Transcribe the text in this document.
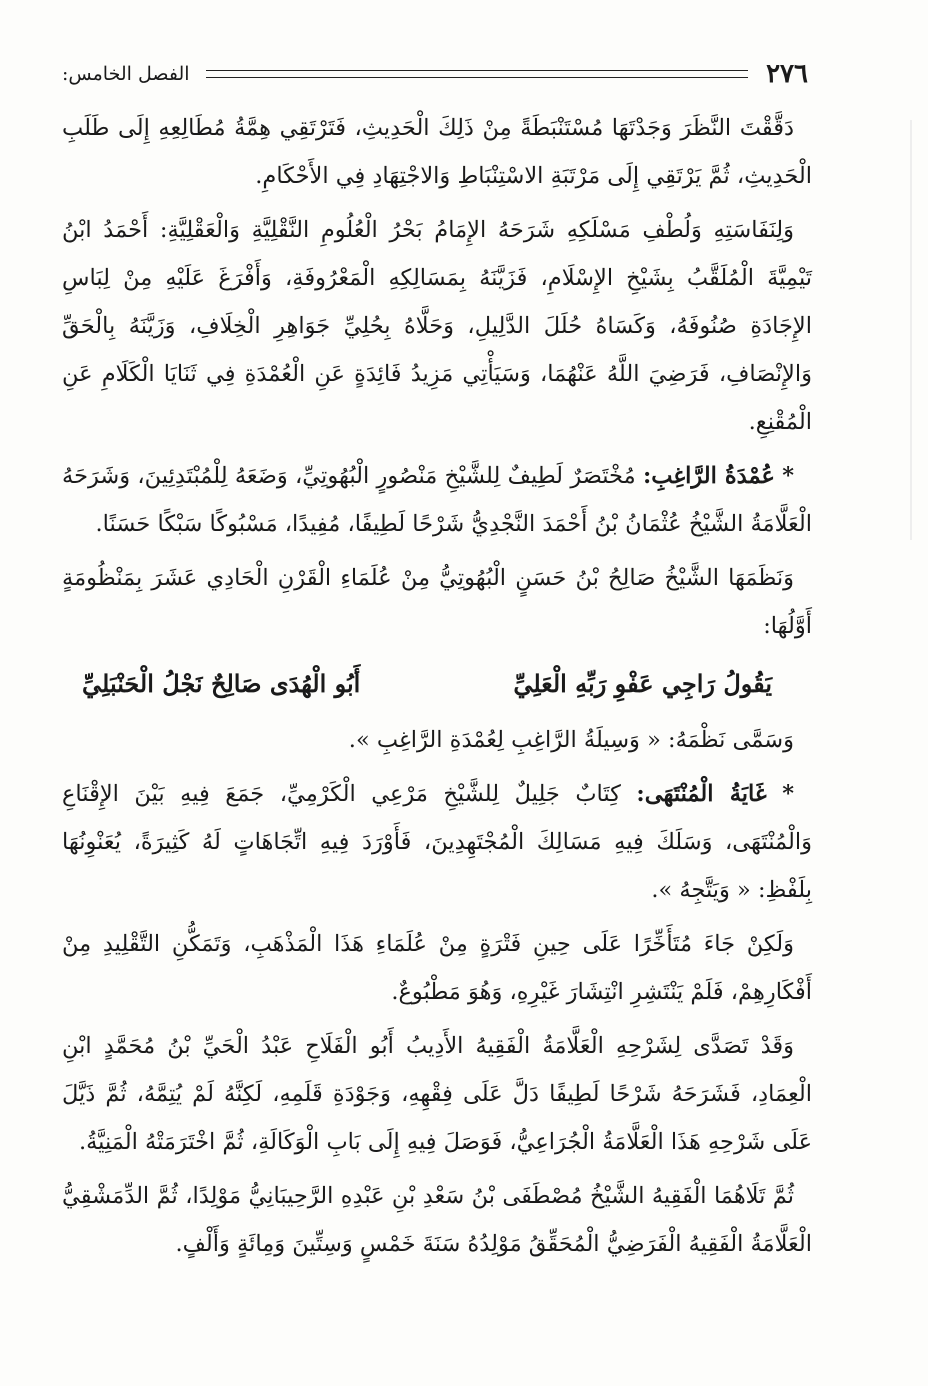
٢٧٦
الفصل الخامس:

دَقَّقْتَ النَّظَرَ وَجَدْتَهَا مُسْتَنْبَطَةً مِنْ ذَلِكَ الْحَدِيثِ، فَتَرْتَقِي هِمَّةُ مُطَالِعِهِ إِلَى طَلَبِ الْحَدِيثِ، ثُمَّ يَرْتَقِي إِلَى مَرْتَبَةِ الاسْتِنْبَاطِ وَالاجْتِهَادِ فِي الأَحْكَامِ.

وَلِنَفَاسَتِهِ وَلُطْفِ مَسْلَكِهِ شَرَحَهُ الإِمَامُ بَحْرُ الْعُلُومِ النَّقْلِيَّةِ وَالْعَقْلِيَّةِ: أَحْمَدُ ابْنُ تَيْمِيَّةَ الْمُلَقَّبُ بِشَيْخِ الإِسْلَامِ، فَزَيَّنَهُ بِمَسَالِكِهِ الْمَعْرُوفَةِ، وَأَفْرَغَ عَلَيْهِ مِنْ لِبَاسِ الإِجَادَةِ صُنُوفَهُ، وَكَسَاهُ حُلَلَ الدَّلِيلِ، وَحَلَّاهُ بِحُلِيِّ جَوَاهِرِ الْخِلَافِ، وَزَيَّنَهُ بِالْحَقِّ وَالإِنْصَافِ، فَرَضِيَ اللَّهُ عَنْهُمَا، وَسَيَأْتِي مَزِيدُ فَائِدَةٍ عَنِ الْعُمْدَةِ فِي ثَنَايَا الْكَلَامِ عَنِ الْمُقْنِعِ.

* عُمْدَةُ الرَّاغِبِ: مُخْتَصَرٌ لَطِيفٌ لِلشَّيْخِ مَنْصُورٍ الْبُهُوتِيِّ، وَضَعَهُ لِلْمُبْتَدِئِينَ، وَشَرَحَهُ الْعَلَّامَةُ الشَّيْخُ عُثْمَانُ بْنُ أَحْمَدَ النَّجْدِيُّ شَرْحًا لَطِيفًا، مُفِيدًا، مَسْبُوكًا سَبْكًا حَسَنًا.

وَنَظَمَهَا الشَّيْخُ صَالِحُ بْنُ حَسَنٍ الْبُهُوتِيُّ مِنْ عُلَمَاءِ الْقَرْنِ الْحَادِي عَشَرَ بِمَنْظُومَةٍ أَوَّلُهَا:

يَقُولُ رَاجِي عَفْوِ رَبِّهِ الْعَلِيِّ
أَبُو الْهُدَى صَالِحٌ نَجْلُ الْحَنْبَلِيِّ

وَسَمَّى نَظْمَهُ: « وَسِيلَةُ الرَّاغِبِ لِعُمْدَةِ الرَّاغِبِ ».

* غَايَةُ الْمُنْتَهَى: كِتَابٌ جَلِيلٌ لِلشَّيْخِ مَرْعِي الْكَرْمِيِّ، جَمَعَ فِيهِ بَيْنَ الإِقْنَاعِ وَالْمُنْتَهَى، وَسَلَكَ فِيهِ مَسَالِكَ الْمُجْتَهِدِينَ، فَأَوْرَدَ فِيهِ اتِّجَاهَاتٍ لَهُ كَثِيرَةً، يُعَنْوِنُهَا بِلَفْظِ: « وَيَتَّجِهُ ».

وَلَكِنْ جَاءَ مُتَأَخِّرًا عَلَى حِينِ فَتْرَةٍ مِنْ عُلَمَاءِ هَذَا الْمَذْهَبِ، وَتَمَكُّنِ التَّقْلِيدِ مِنْ أَفْكَارِهِمْ، فَلَمْ يَنْتَشِرِ انْتِشَارَ غَيْرِهِ، وَهُوَ مَطْبُوعٌ.

وَقَدْ تَصَدَّى لِشَرْحِهِ الْعَلَّامَةُ الْفَقِيهُ الأَدِيبُ أَبُو الْفَلَاحِ عَبْدُ الْحَيِّ بْنُ مُحَمَّدٍ ابْنِ الْعِمَادِ، فَشَرَحَهُ شَرْحًا لَطِيفًا دَلَّ عَلَى فِقْهِهِ، وَجَوْدَةِ قَلَمِهِ، لَكِنَّهُ لَمْ يُتِمَّهُ، ثُمَّ ذَيَّلَ عَلَى شَرْحِهِ هَذَا الْعَلَّامَةُ الْجُرَاعِيُّ، فَوَصَلَ فِيهِ إِلَى بَابِ الْوَكَالَةِ، ثُمَّ اخْتَرَمَتْهُ الْمَنِيَّةُ.

ثُمَّ تَلَاهُمَا الْفَقِيهُ الشَّيْخُ مُصْطَفَى بْنُ سَعْدِ بْنِ عَبْدِهِ الرَّحِيبَانِيُّ مَوْلِدًا، ثُمَّ الدِّمَشْقِيُّ الْعَلَّامَةُ الْفَقِيهُ الْفَرَضِيُّ الْمُحَقِّقُ مَوْلِدُهُ سَنَةَ خَمْسٍ وَسِتِّينَ وَمِائَةٍ وَأَلْفٍ.
